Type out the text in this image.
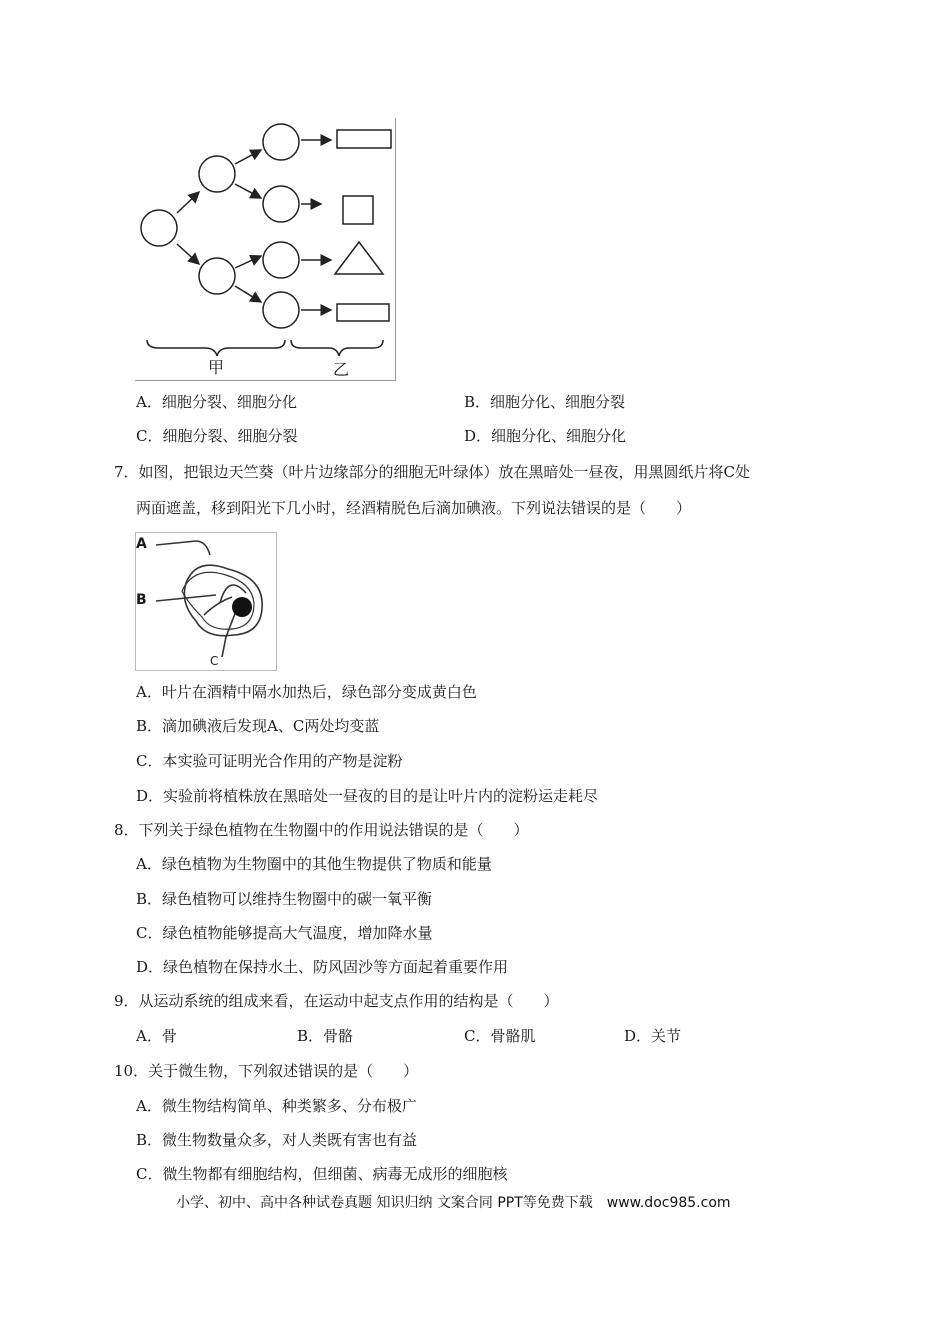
甲	乙
A．细胞分裂、细胞分化	B．细胞分化、细胞分裂
C．细胞分裂、细胞分裂	D．细胞分化、细胞分化
7．如图，把银边天竺葵（叶片边缘部分的细胞无叶绿体）放在黑暗处一昼夜，用黑圆纸片将C处
两面遮盖，移到阳光下几小时，经酒精脱色后滴加碘液。下列说法错误的是（　　）
A
B
C
A．叶片在酒精中隔水加热后，绿色部分变成黄白色
B．滴加碘液后发现A、C两处均变蓝
C．本实验可证明光合作用的产物是淀粉
D．实验前将植株放在黑暗处一昼夜的目的是让叶片内的淀粉运走耗尽
8．下列关于绿色植物在生物圈中的作用说法错误的是（　　）
A．绿色植物为生物圈中的其他生物提供了物质和能量
B．绿色植物可以维持生物圈中的碳一氧平衡
C．绿色植物能够提高大气温度，增加降水量
D．绿色植物在保持水土、防风固沙等方面起着重要作用
9．从运动系统的组成来看，在运动中起支点作用的结构是（　　）
A．骨	B．骨骼	C．骨骼肌	D．关节
10．关于微生物，下列叙述错误的是（　　）
A．微生物结构简单、种类繁多、分布极广
B．微生物数量众多，对人类既有害也有益
C．微生物都有细胞结构，但细菌、病毒无成形的细胞核
小学、初中、高中各种试卷真题 知识归纳 文案合同 PPT等免费下载　www.doc985.com
